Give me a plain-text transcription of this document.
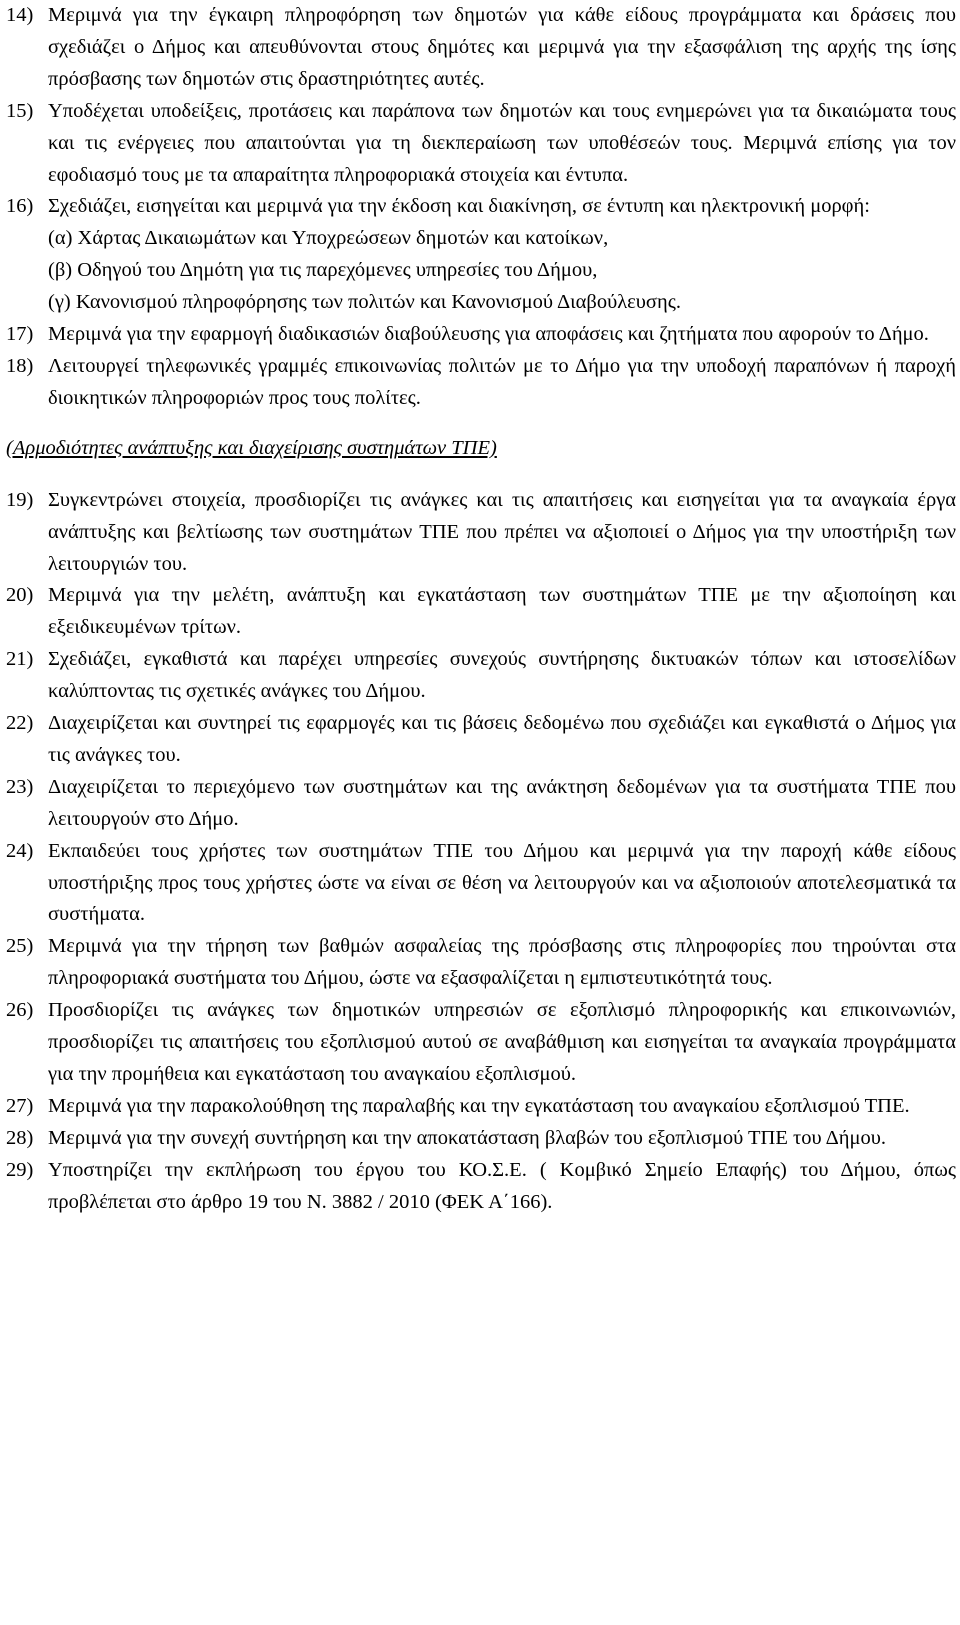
14) Μεριμνά για την έγκαιρη πληροφόρηση των δημοτών για κάθε είδους προγράμματα και δράσεις που σχεδιάζει ο Δήμος και απευθύνονται στους δημότες και μεριμνά για την εξασφάλιση της αρχής της ίσης πρόσβασης των δημοτών στις δραστηριότητες αυτές.
15) Υποδέχεται υποδείξεις, προτάσεις και παράπονα των δημοτών και τους ενημερώνει για τα δικαιώματα τους και τις ενέργειες που απαιτούνται για τη διεκπεραίωση των υποθέσεών τους. Μεριμνά επίσης για τον εφοδιασμό τους με τα απαραίτητα πληροφοριακά στοιχεία και έντυπα.
16) Σχεδιάζει, εισηγείται και μεριμνά για την έκδοση και διακίνηση, σε έντυπη και ηλεκτρονική μορφή:
(α) Χάρτας Δικαιωμάτων και Υποχρεώσεων δημοτών και κατοίκων,
(β) Οδηγού του Δημότη για τις παρεχόμενες υπηρεσίες του Δήμου,
(γ) Κανονισμού πληροφόρησης των πολιτών και Κανονισμού Διαβούλευσης.
17) Μεριμνά για την εφαρμογή διαδικασιών διαβούλευσης για αποφάσεις και ζητήματα που αφορούν το Δήμο.
18) Λειτουργεί τηλεφωνικές γραμμές επικοινωνίας πολιτών με το Δήμο για την υποδοχή παραπόνων ή παροχή διοικητικών πληροφοριών προς τους πολίτες.
(Αρμοδιότητες ανάπτυξης και διαχείρισης συστημάτων ΤΠΕ)
19) Συγκεντρώνει στοιχεία, προσδιορίζει τις ανάγκες και τις απαιτήσεις και εισηγείται για τα αναγκαία έργα ανάπτυξης και βελτίωσης των συστημάτων ΤΠΕ που πρέπει να αξιοποιεί ο Δήμος για την υποστήριξη των λειτουργιών του.
20) Μεριμνά για την μελέτη, ανάπτυξη και εγκατάσταση των συστημάτων ΤΠΕ με την αξιοποίηση και εξειδικευμένων τρίτων.
21) Σχεδιάζει, εγκαθιστά και παρέχει υπηρεσίες συνεχούς συντήρησης δικτυακών τόπων και ιστοσελίδων καλύπτοντας τις σχετικές ανάγκες του Δήμου.
22) Διαχειρίζεται και συντηρεί τις εφαρμογές και τις βάσεις δεδομένω που σχεδιάζει και εγκαθιστά ο Δήμος για τις ανάγκες του.
23) Διαχειρίζεται το περιεχόμενο των συστημάτων και της ανάκτηση δεδομένων για τα συστήματα ΤΠΕ που λειτουργούν στο Δήμο.
24) Εκπαιδεύει τους χρήστες των συστημάτων ΤΠΕ του Δήμου και μεριμνά για την παροχή κάθε είδους υποστήριξης προς τους χρήστες ώστε να είναι σε θέση να λειτουργούν και να αξιοποιούν αποτελεσματικά τα συστήματα.
25) Μεριμνά για την τήρηση των βαθμών ασφαλείας της πρόσβασης στις πληροφορίες που τηρούνται στα πληροφοριακά συστήματα του Δήμου, ώστε να εξασφαλίζεται η εμπιστευτικότητά τους.
26) Προσδιορίζει τις ανάγκες των δημοτικών υπηρεσιών σε εξοπλισμό πληροφορικής και επικοινωνιών, προσδιορίζει τις απαιτήσεις του εξοπλισμού αυτού σε αναβάθμιση και εισηγείται τα αναγκαία προγράμματα για την προμήθεια και εγκατάσταση του αναγκαίου εξοπλισμού.
27) Μεριμνά για την παρακολούθηση της παραλαβής και την εγκατάσταση του αναγκαίου εξοπλισμού ΤΠΕ.
28) Μεριμνά για την συνεχή συντήρηση και την αποκατάσταση βλαβών του εξοπλισμού ΤΠΕ του Δήμου.
29) Υποστηρίζει την εκπλήρωση του έργου του ΚΟ.Σ.Ε. ( Κομβικό Σημείο Επαφής) του Δήμου, όπως προβλέπεται στο άρθρο 19 του Ν. 3882 / 2010 (ΦΕΚ Α΄166).
